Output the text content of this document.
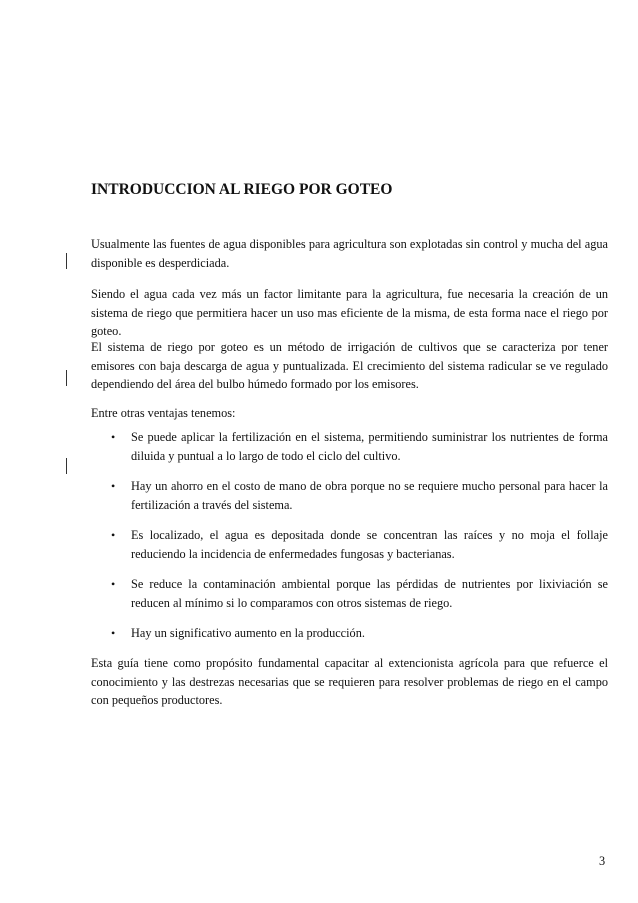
INTRODUCCION AL RIEGO POR GOTEO

Usualmente las fuentes de agua disponibles para agricultura son explotadas sin control y mucha del agua disponible es desperdiciada.

Siendo el agua cada vez más un factor limitante para la agricultura, fue necesaria la creación de un sistema de riego que permitiera hacer un uso mas eficiente de la misma, de esta forma nace el riego por goteo.

El sistema de riego por goteo es un método de irrigación de cultivos que se caracteriza por tener emisores con baja descarga de agua y puntualizada. El crecimiento del sistema radicular se ve regulado dependiendo del área del bulbo húmedo formado por los emisores.

Entre otras ventajas tenemos:

• Se puede aplicar la fertilización en el sistema, permitiendo suministrar los nutrientes de forma diluida y puntual a lo largo de todo el ciclo del cultivo.
• Hay un ahorro en el costo de mano de obra porque no se requiere mucho personal para hacer la fertilización a través del sistema.
• Es localizado, el agua es depositada donde se concentran las raíces y no moja el follaje reduciendo la incidencia de enfermedades fungosas y bacterianas.
• Se reduce la contaminación ambiental porque las pérdidas de nutrientes por lixiviación se reducen al mínimo si lo comparamos con otros sistemas de riego.
• Hay un significativo aumento en la producción.

Esta guía tiene como propósito fundamental capacitar al extencionista agrícola para que refuerce el conocimiento y las destrezas necesarias que se requieren para resolver problemas de riego en el campo con pequeños productores.

3
